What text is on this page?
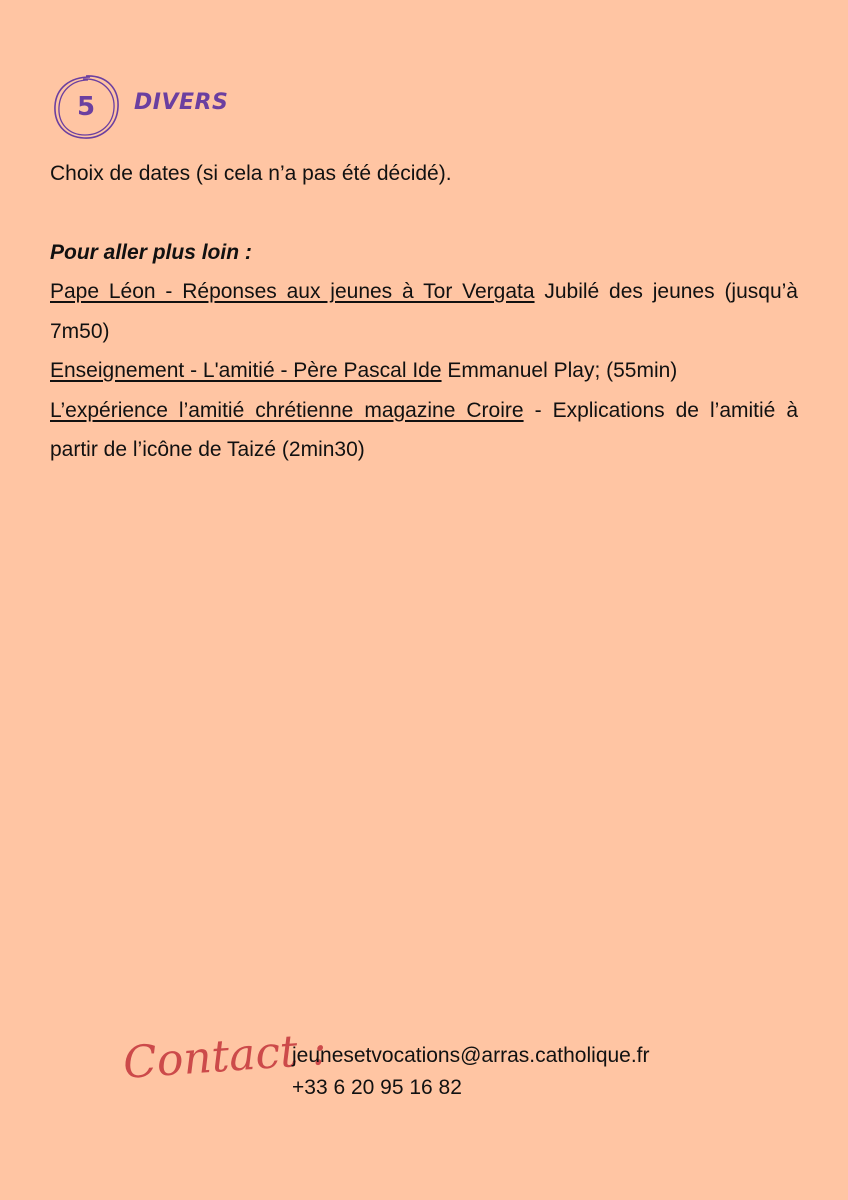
5	DIVERS

Choix de dates (si cela n’a pas été décidé).

Pour aller plus loin :

Pape Léon - Réponses aux jeunes à Tor Vergata Jubilé des jeunes (jusqu’à 7m50)

Enseignement - L'amitié - Père Pascal Ide Emmanuel Play; (55min)

L’expérience l’amitié chrétienne magazine Croire - Explications de l’amitié à partir de l’icône de Taizé (2min30)

Contact :
jeunesetvocations@arras.catholique.fr
+33 6 20 95 16 82
